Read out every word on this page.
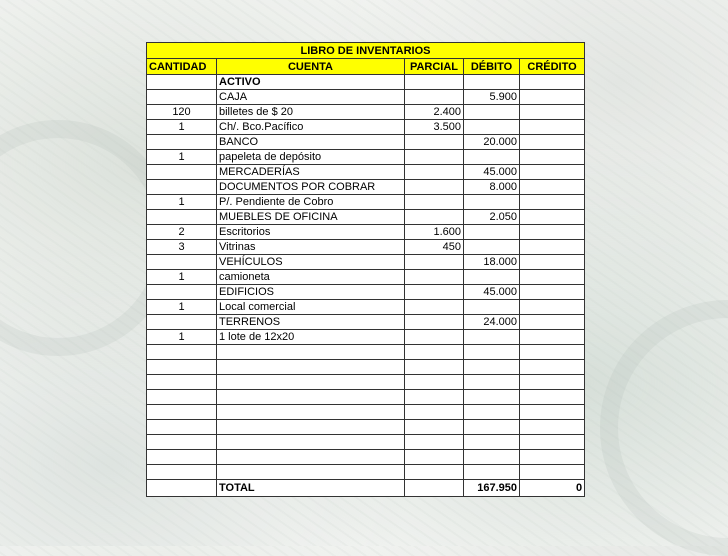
LIBRO DE INVENTARIOS				
CANTIDAD	CUENTA	PARCIAL	DÉBITO	CRÉDITO
	ACTIVO			
	CAJA		5.900	
120	billetes de $ 20	2.400		
1	Ch/. Bco.Pacífico	3.500		
	BANCO		20.000	
1	papeleta de depósito			
	MERCADERÍAS		45.000	
	DOCUMENTOS POR COBRAR		8.000	
1	P/. Pendiente de Cobro			
	MUEBLES DE OFICINA		2.050	
2	Escritorios	1.600		
3	Vitrinas	450		
	VEHÍCULOS		18.000	
1	camioneta			
	EDIFICIOS		45.000	
1	Local comercial			
	TERRENOS		24.000	
1	1 lote de 12x20			

	TOTAL		167.950	0
